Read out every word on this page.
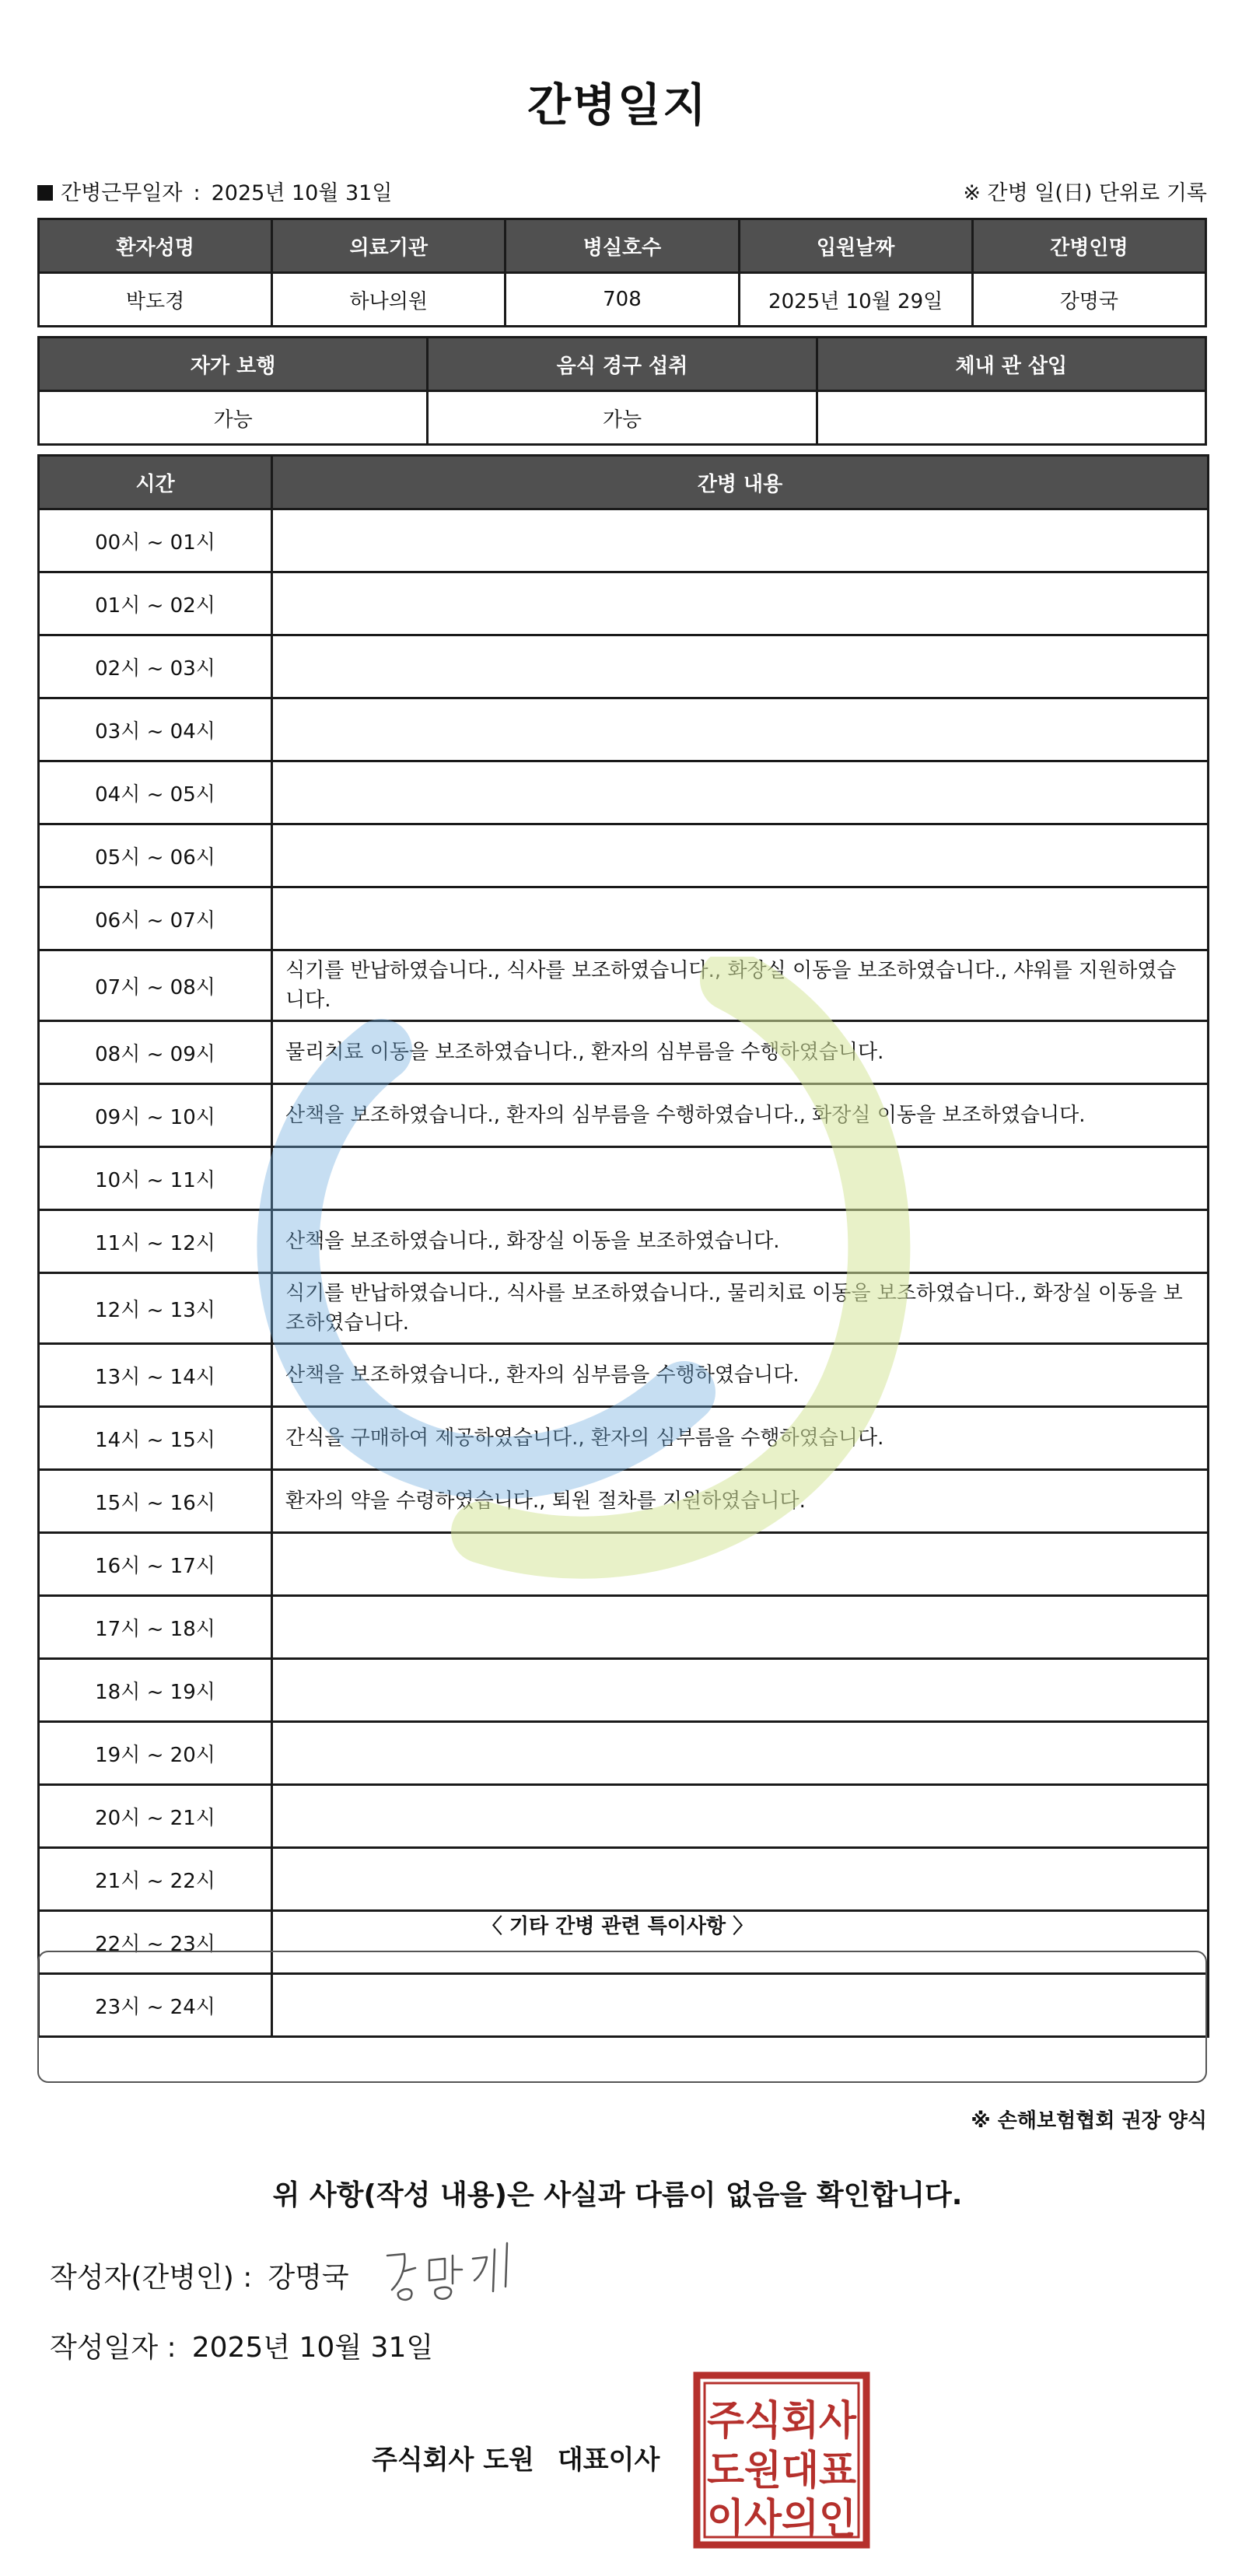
간병일지
간병근무일자 : 2025년 10월 31일	※ 간병 일(日) 단위로 기록
환자성명	의료기관	병실호수	입원날짜	간병인명
박도경	하나의원	708	2025년 10월 29일	강명국
자가 보행	음식 경구 섭취	체내 관 삽입
가능	가능	
시간	간병 내용
00시 ~ 01시	
01시 ~ 02시	
02시 ~ 03시	
03시 ~ 04시	
04시 ~ 05시	
05시 ~ 06시	
06시 ~ 07시	
07시 ~ 08시	식기를 반납하였습니다., 식사를 보조하였습니다., 화장실 이동을 보조하였습니다., 샤워를 지원하였습니다.
08시 ~ 09시	물리치료 이동을 보조하였습니다., 환자의 심부름을 수행하였습니다.
09시 ~ 10시	산책을 보조하였습니다., 환자의 심부름을 수행하였습니다., 화장실 이동을 보조하였습니다.
10시 ~ 11시	
11시 ~ 12시	산책을 보조하였습니다., 화장실 이동을 보조하였습니다.
12시 ~ 13시	식기를 반납하였습니다., 식사를 보조하였습니다., 물리치료 이동을 보조하였습니다., 화장실 이동을 보조하였습니다.
13시 ~ 14시	산책을 보조하였습니다., 환자의 심부름을 수행하였습니다.
14시 ~ 15시	간식을 구매하여 제공하였습니다., 환자의 심부름을 수행하였습니다.
15시 ~ 16시	환자의 약을 수령하였습니다., 퇴원 절차를 지원하였습니다.
16시 ~ 17시	
17시 ~ 18시	
18시 ~ 19시	
19시 ~ 20시	
20시 ~ 21시	
21시 ~ 22시	
22시 ~ 23시	
23시 ~ 24시	
〈 기타 간병 관련 특이사항 〉
※ 손해보험협회 권장 양식
위 사항(작성 내용)은 사실과 다름이 없음을 확인합니다.
작성자(간병인) : 강명국
작성일자 : 2025년 10월 31일
주식회사 도원 대표이사
주식회사
도원대표
이사의인
